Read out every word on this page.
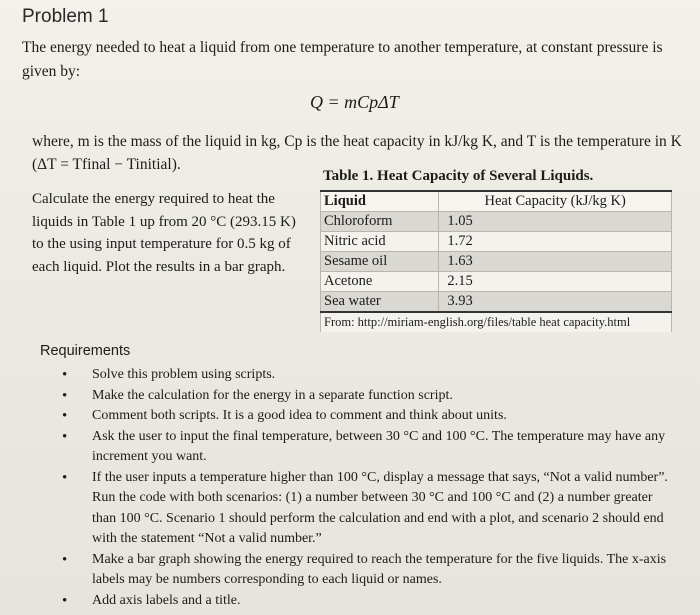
Problem 1
The energy needed to heat a liquid from one temperature to another temperature, at constant pressure is given by:
Q = mCpΔT
where, m is the mass of the liquid in kg, Cp is the heat capacity in kJ/kg K, and T is the temperature in K (ΔT = Tfinal − Tinitial).
Calculate the energy required to heat the liquids in Table 1 up from 20 °C (293.15 K) to the using input temperature for 0.5 kg of each liquid. Plot the results in a bar graph.
Table 1. Heat Capacity of Several Liquids.
Liquid	Heat Capacity (kJ/kg K)
Chloroform	1.05
Nitric acid	1.72
Sesame oil	1.63
Acetone	2.15
Sea water	3.93
From: http://miriam-english.org/files/table heat capacity.html	
Requirements
• Solve this problem using scripts.
• Make the calculation for the energy in a separate function script.
• Comment both scripts. It is a good idea to comment and think about units.
• Ask the user to input the final temperature, between 30 °C and 100 °C. The temperature may have any increment you want.
• If the user inputs a temperature higher than 100 °C, display a message that says, “Not a valid number”. Run the code with both scenarios: (1) a number between 30 °C and 100 °C and (2) a number greater than 100 °C. Scenario 1 should perform the calculation and end with a plot, and scenario 2 should end with the statement “Not a valid number.”
• Make a bar graph showing the energy required to reach the temperature for the five liquids. The x-axis labels may be numbers corresponding to each liquid or names.
• Add axis labels and a title.
